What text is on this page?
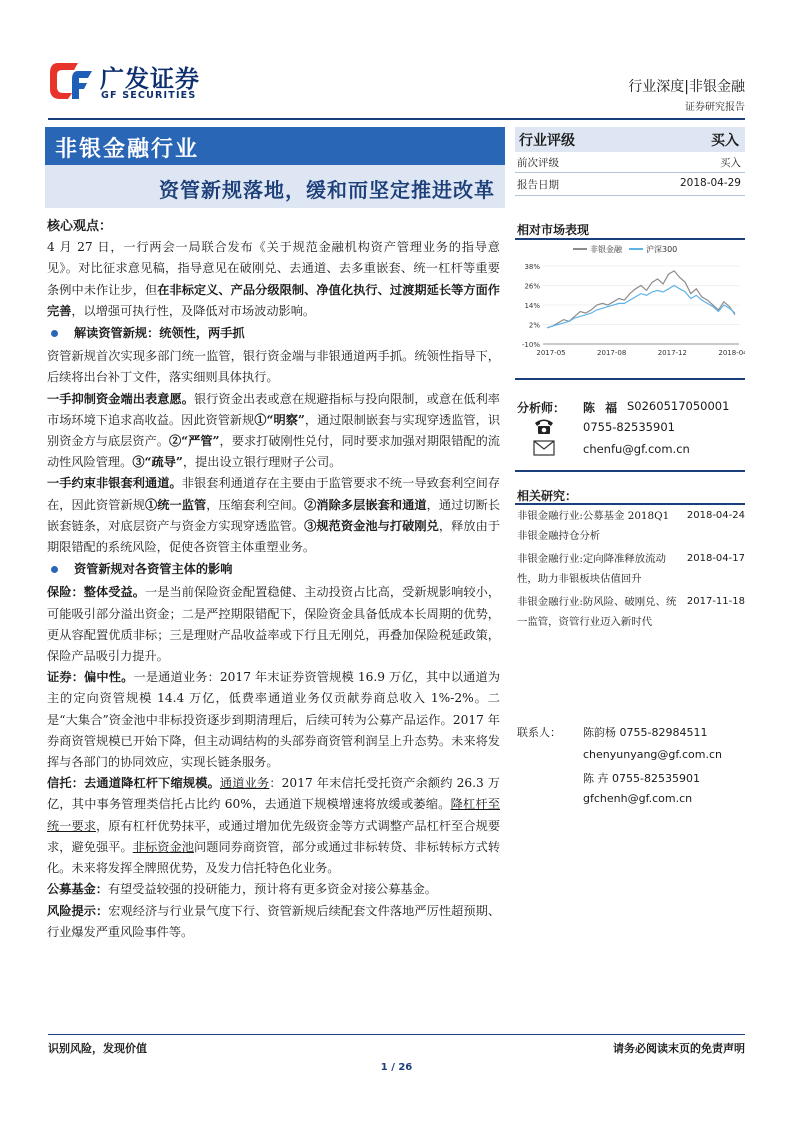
广发证券
GF SECURITIES
行业深度|非银金融
证券研究报告
非银金融行业
资管新规落地，缓和而坚定推进改革

核心观点：

4 月 27 日，一行两会一局联合发布《关于规范金融机构资产管理业务的指导意见》。对比征求意见稿，指导意见在破刚兑、去通道、去多重嵌套、统一杠杆等重要条例中未作让步，但在非标定义、产品分级限制、净值化执行、过渡期延长等方面作完善，以增强可执行性，及降低对市场波动影响。

解读资管新规：统领性，两手抓

资管新规首次实现多部门统一监管，银行资金端与非银通道两手抓。统领性指导下，后续将出台补丁文件，落实细则具体执行。

一手抑制资金端出表意愿。银行资金出表或意在规避指标与投向限制，或意在低利率市场环境下追求高收益。因此资管新规①“明察”，通过限制嵌套与实现穿透监管，识别资金方与底层资产。②“严管”，要求打破刚性兑付，同时要求加强对期限错配的流动性风险管理。③“疏导”，提出设立银行理财子公司。
一手约束非银套利通道。非银套利通道存在主要由于监管要求不统一导致套利空间存在，因此资管新规①统一监管，压缩套利空间。②消除多层嵌套和通道，通过切断长嵌套链条，对底层资产与资金方实现穿透监管。③规范资金池与打破刚兑，释放由于期限错配的系统风险，促使各资管主体重塑业务。

资管新规对各资管主体的影响

保险：整体受益。一是当前保险资金配置稳健、主动投资占比高，受新规影响较小，可能吸引部分溢出资金；二是严控期限错配下，保险资金具备低成本长周期的优势，更从容配置优质非标；三是理财产品收益率或下行且无刚兑，再叠加保险税延政策，保险产品吸引力提升。

证券：偏中性。一是通道业务：2017 年末证券资管规模 16.9 万亿，其中以通道为主的定向资管规模 14.4 万亿，低费率通道业务仅贡献券商总收入 1%-2%。二是“大集合”资金池中非标投资逐步到期清理后，后续可转为公募产品运作。2017 年券商资管规模已开始下降，但主动调结构的头部券商资管利润呈上升态势。未来将发挥与各部门的协同效应，实现长链条服务。

信托：去通道降杠杆下缩规模。通道业务：2017 年末信托受托资产余额约 26.3 万亿，其中事务管理类信托占比约 60%，去通道下规模增速将放缓或萎缩。降杠杆至统一要求，原有杠杆优势抹平，或通过增加优先级资金等方式调整产品杠杆至合规要求，避免强平。非标资金池问题同券商资管，部分或通过非标转贷、非标转标方式转化。未来将发挥全牌照优势，及发力信托特色化业务。

公募基金：有望受益较强的投研能力，预计将有更多资金对接公募基金。

风险提示：宏观经济与行业景气度下行、资管新规后续配套文件落地严厉性超预期、行业爆发严重风险事件等。

行业评级	买入
前次评级	买入
报告日期	2018-04-29
相对市场表现
非银金融	沪深300
38%
26%
14%
2%
-10%
2017-05	2017-08	2017-12	2018-04
分析师： 陈 福 S0260517050001
0755-82535901
chenfu@gf.com.cn
相关研究：
非银金融行业:公募基金 2018Q1 非银金融持仓分析
2018-04-24
非银金融行业:定向降准释放流动性，助力非银板块估值回升
2018-04-17
非银金融行业:防风险、破刚兑、统一监管，资管行业迈入新时代
2017-11-18
联系人： 陈韵杨 0755-82984511
chenyunyang@gf.com.cn
陈 卉 0755-82535901
gfchenh@gf.com.cn
识别风险，发现价值	请务必阅读末页的免责声明
1 / 26
